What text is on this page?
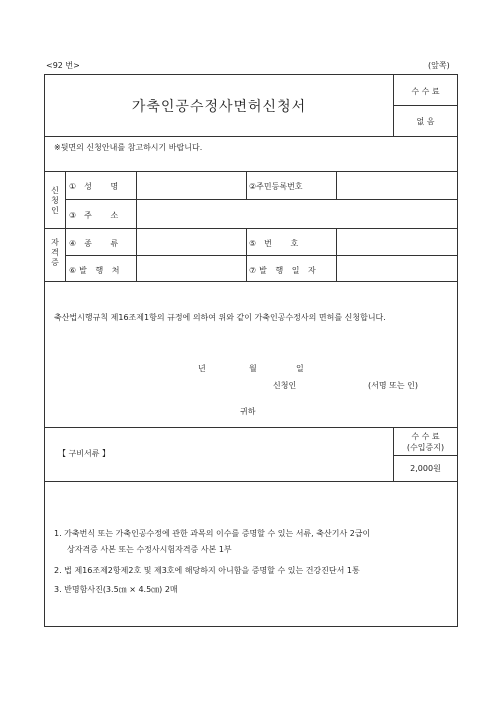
<92 번>	(앞쪽)
가축인공수정사면허신청서
수 수 료
없 음
※뒷면의 신청안내를 참고하시기 바랍니다.
신청인
자격증
①성 명	②주민등록번호
③주 소
④종 류	⑤번 호
⑥발 행 처	⑦발 행 일 자
축산법시행규칙 제16조제1항의 규정에 의하여 위와 같이 가축인공수정사의 면허를 신청합니다.
년	월	일
신청인	(서명 또는 인)
귀하
수 수 료
(수입증지)
2,000원
【 구비서류 】
1. 가축번식 또는 가축인공수정에 관한 과목의 이수를 증명할 수 있는 서류, 축산기사 2급이
상자격증 사본 또는 수정사시험자격증 사본 1부
2. 법 제16조제2항제2호 및 제3호에 해당하지 아니함을 증명할 수 있는 건강진단서 1통
3. 반명함사진(3.5㎝ × 4.5㎝) 2매
